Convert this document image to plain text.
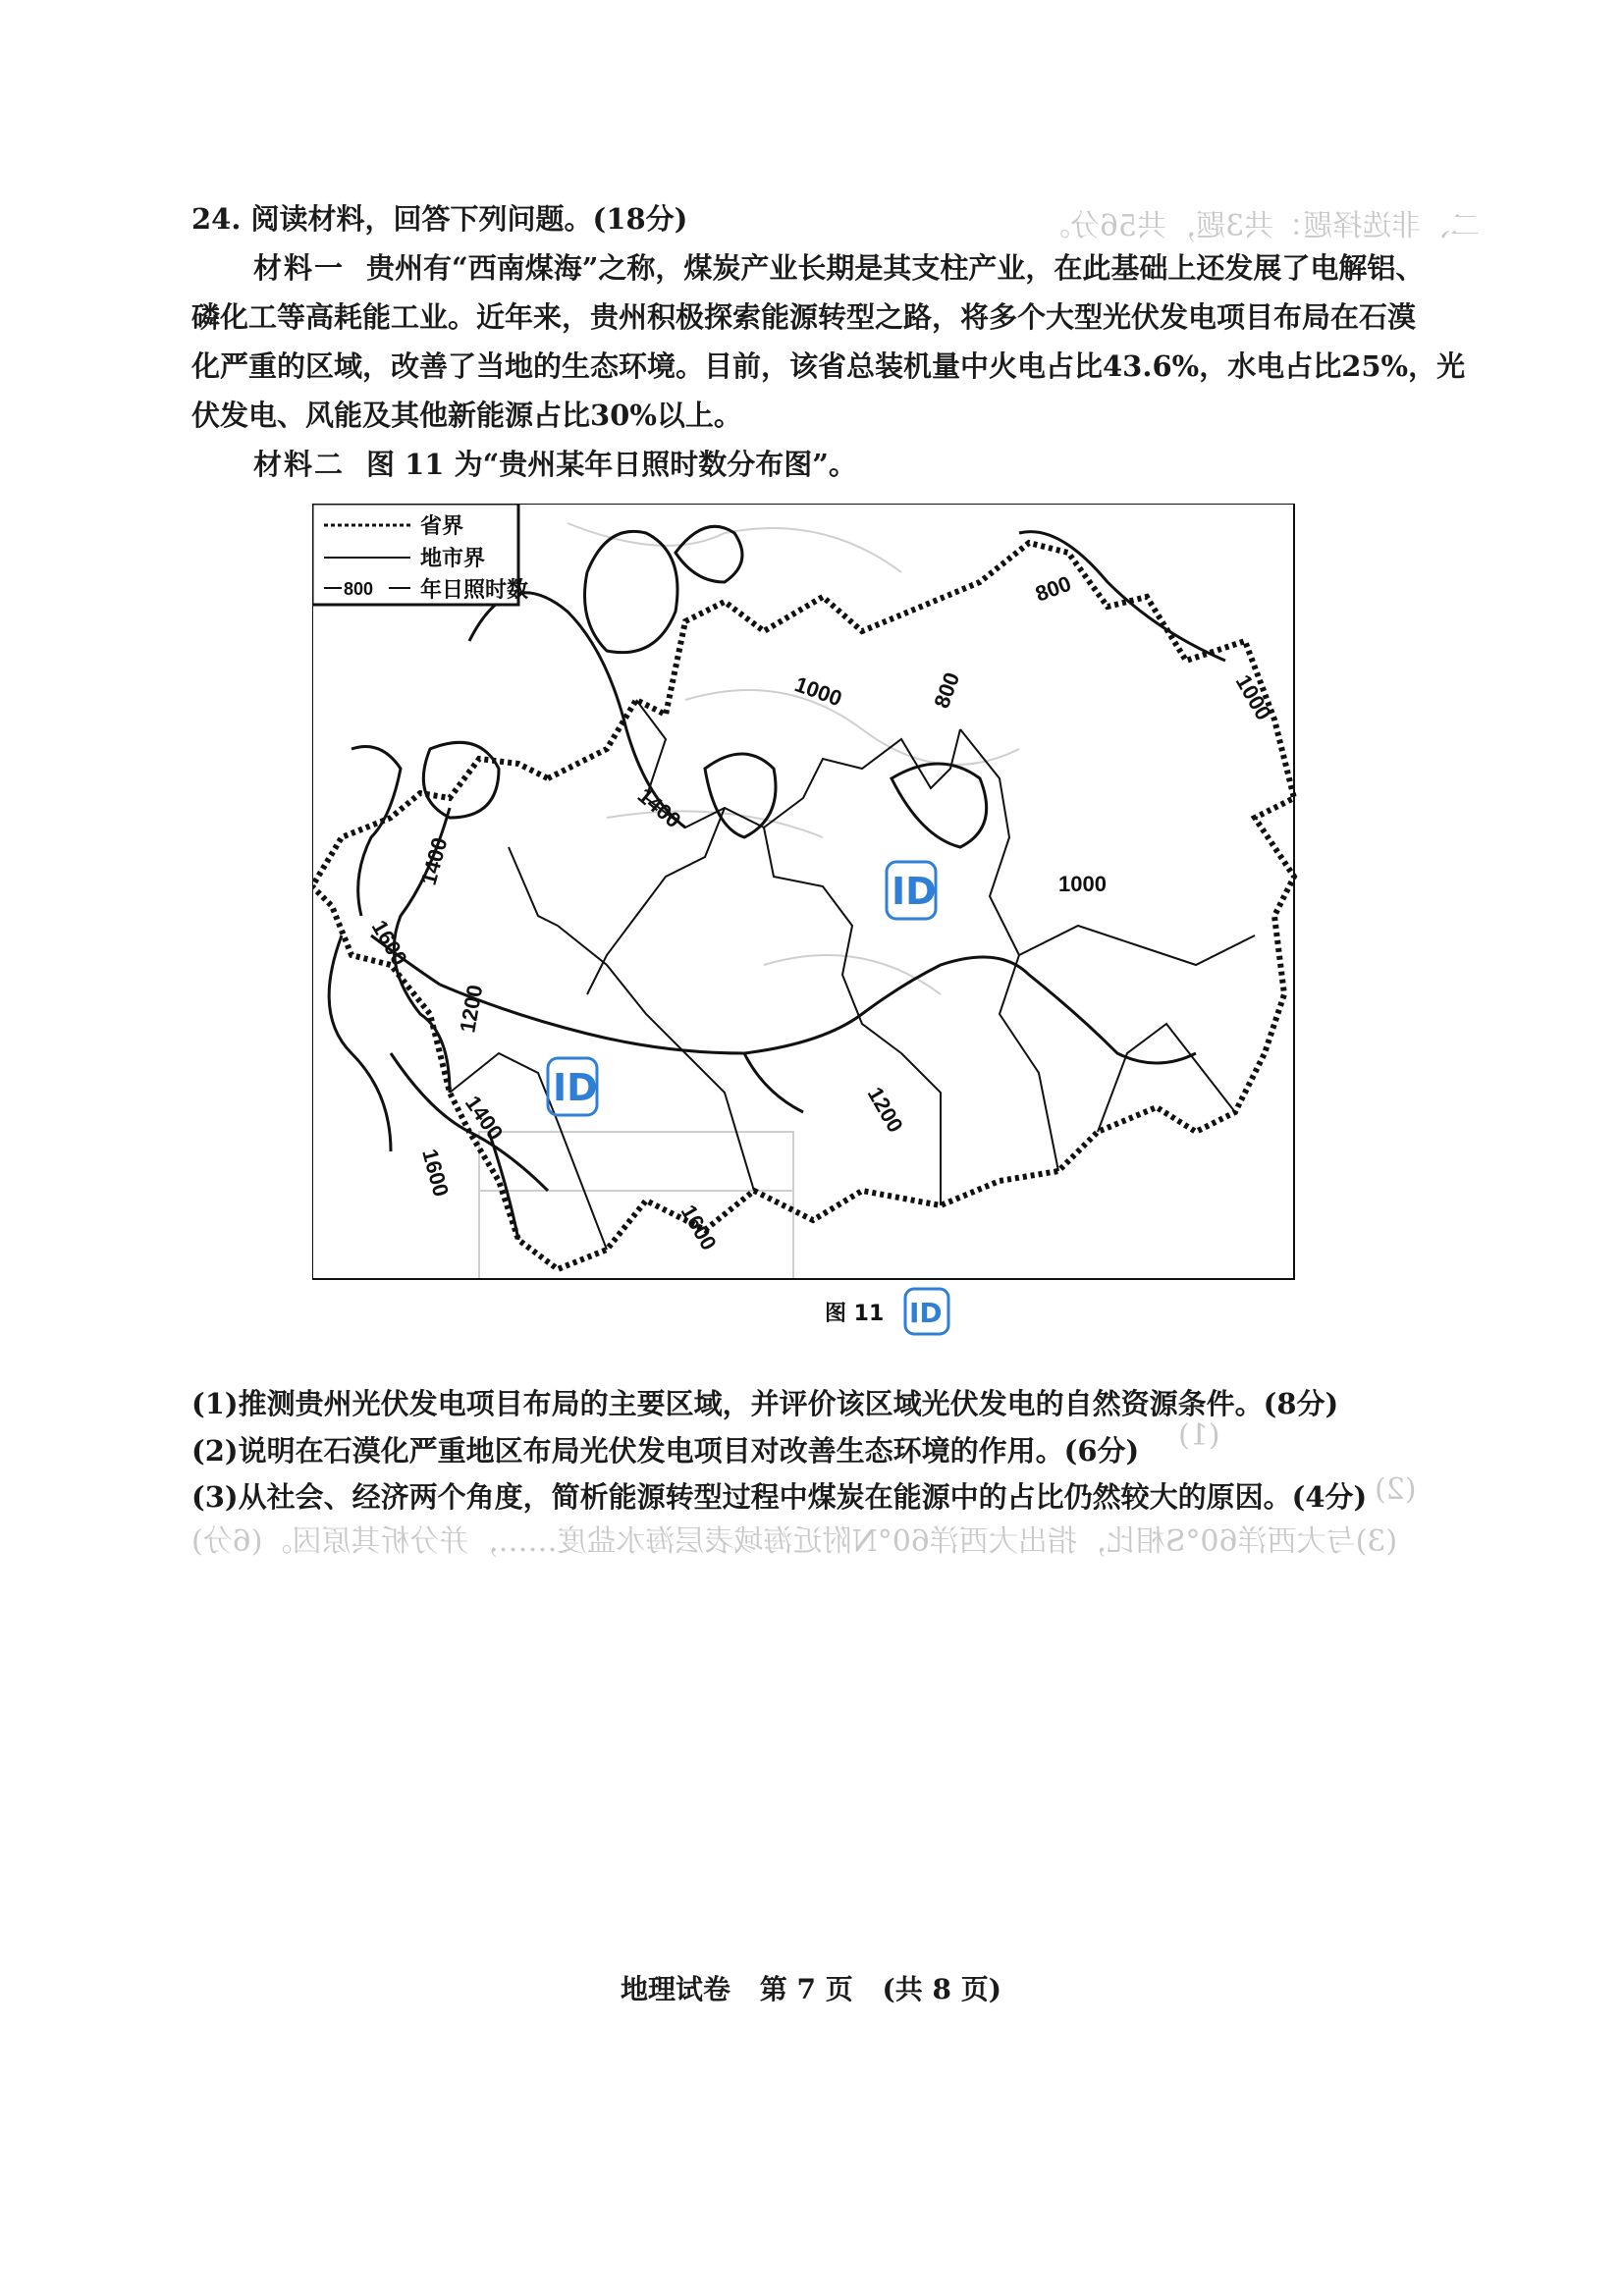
二、非选择题：共3题，共56分。
(1)
(2)
(3)与大西洋60°S相比，指出大西洋60°N附近海域表层海水盐度……，并分析其原因。(6分)
24. 阅读材料，回答下列问题。(18分)
材料一 贵州有“西南煤海”之称，煤炭产业长期是其支柱产业，在此基础上还发展了电解铝、
磷化工等高耗能工业。近年来，贵州积极探索能源转型之路，将多个大型光伏发电项目布局在石漠
化严重的区域，改善了当地的生态环境。目前，该省总装机量中火电占比43.6%，水电占比25%，光
伏发电、风能及其他新能源占比30%以上。
材料二 图 11 为“贵州某年日照时数分布图”。
省界
地市界
800 年日照时数	800
800
1000	1000
1000
1400
1400
1600
1200
1400
1600
1600
1200
ID
ID
图 11 ID
(1)推测贵州光伏发电项目布局的主要区域，并评价该区域光伏发电的自然资源条件。(8分)
(2)说明在石漠化严重地区布局光伏发电项目对改善生态环境的作用。(6分)
(3)从社会、经济两个角度，简析能源转型过程中煤炭在能源中的占比仍然较大的原因。(4分)
地理试卷 第 7 页 (共 8 页)
